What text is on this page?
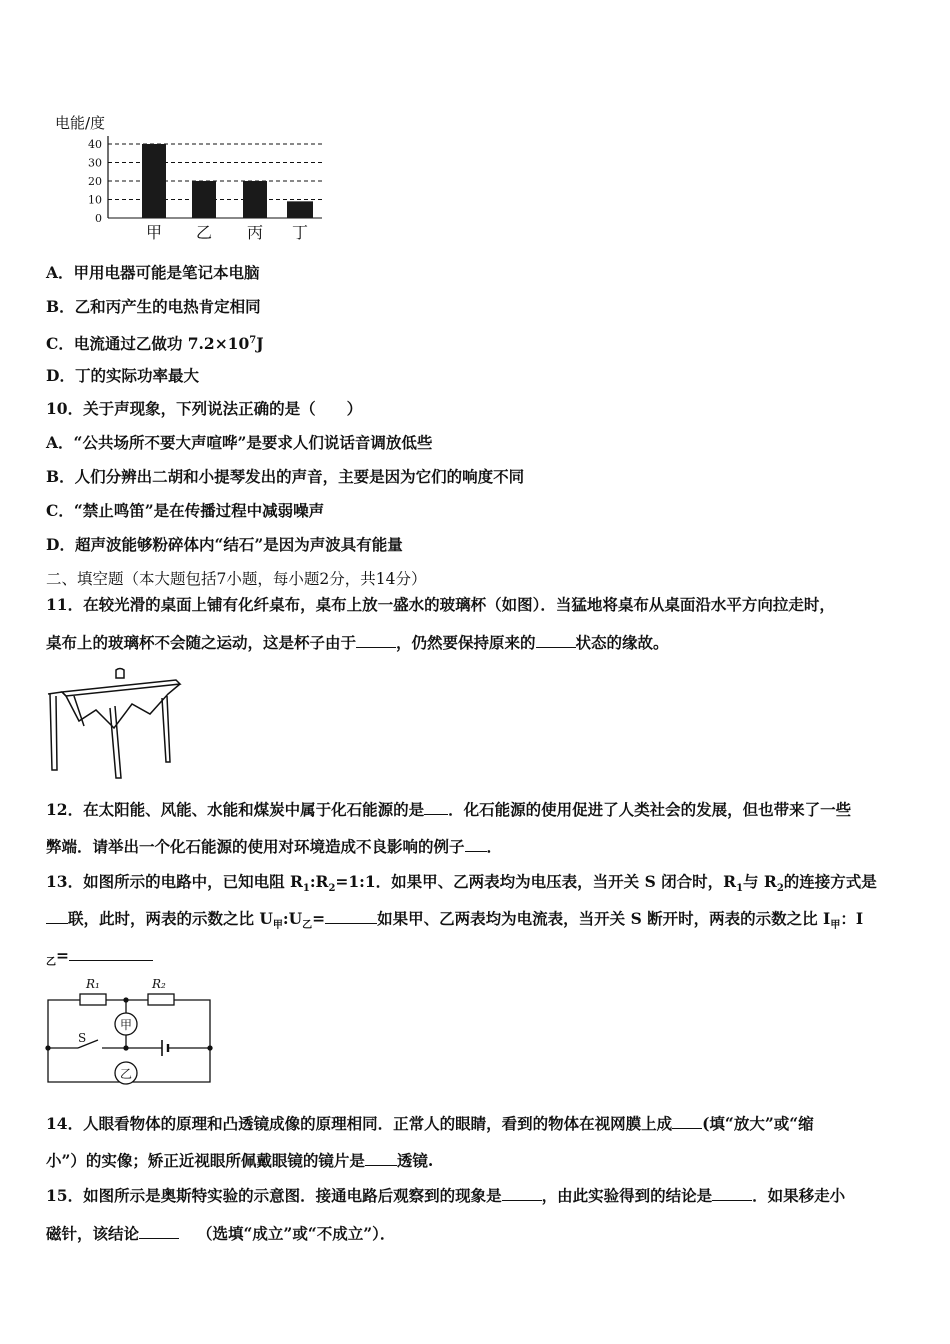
电能/度
0
10
20
30
40
甲 乙 丙 丁
A．甲用电器可能是笔记本电脑
B．乙和丙产生的电热肯定相同
C．电流通过乙做功 $7.2\times 10^7J$
D．丁的实际功率最大
10．关于声现象，下列说法正确的是（　　）
A．“公共场所不要大声喧哗”是要求人们说话音调放低些
B．人们分辨出二胡和小提琴发出的声音，主要是因为它们的响度不同
C．“禁止鸣笛”是在传播过程中减弱噪声
D．超声波能够粉碎体内“结石”是因为声波具有能量
二、填空题（本大题包括7小题，每小题2分，共14分）
11．在较光滑的桌面上铺有化纤桌布，桌布上放一盛水的玻璃杯（如图）．当猛地将桌布从桌面沿水平方向拉走时，
桌布上的玻璃杯不会随之运动，这是杯子由于	，仍然要保持原来的	状态的缘故。
12．在太阳能、风能、水能和煤炭中属于化石能源的是 ．化石能源的使用促进了人类社会的发展，但也带来了一些
弊端．请举出一个化石能源的使用对环境造成不良影响的例子 ．
13．如图所示的电路中，已知电阻 $R_1:R_2=1:1$．如果甲、乙两表均为电压表，当开关 S 闭合时，$R_1$与 $R_2$的连接方式是
联，此时，两表的示数之比 $U_甲:U_乙=$	如果甲、乙两表均为电流表，当开关 S 断开时，两表的示数之比 $I_甲$：I
$_乙$=
R₁	R₂
甲
乙
S
14．人眼看物体的原理和凸透镜成像的原理相同．正常人的眼睛，看到的物体在视网膜上成 (填“放大”或“缩
小”）的实像；矫正近视眼所佩戴眼镜的镜片是 透镜.
15．如图所示是奥斯特实验的示意图．接通电路后观察到的现象是	，由此实验得到的结论是	．如果移走小
磁针，该结论	（选填“成立”或“不成立”）．
